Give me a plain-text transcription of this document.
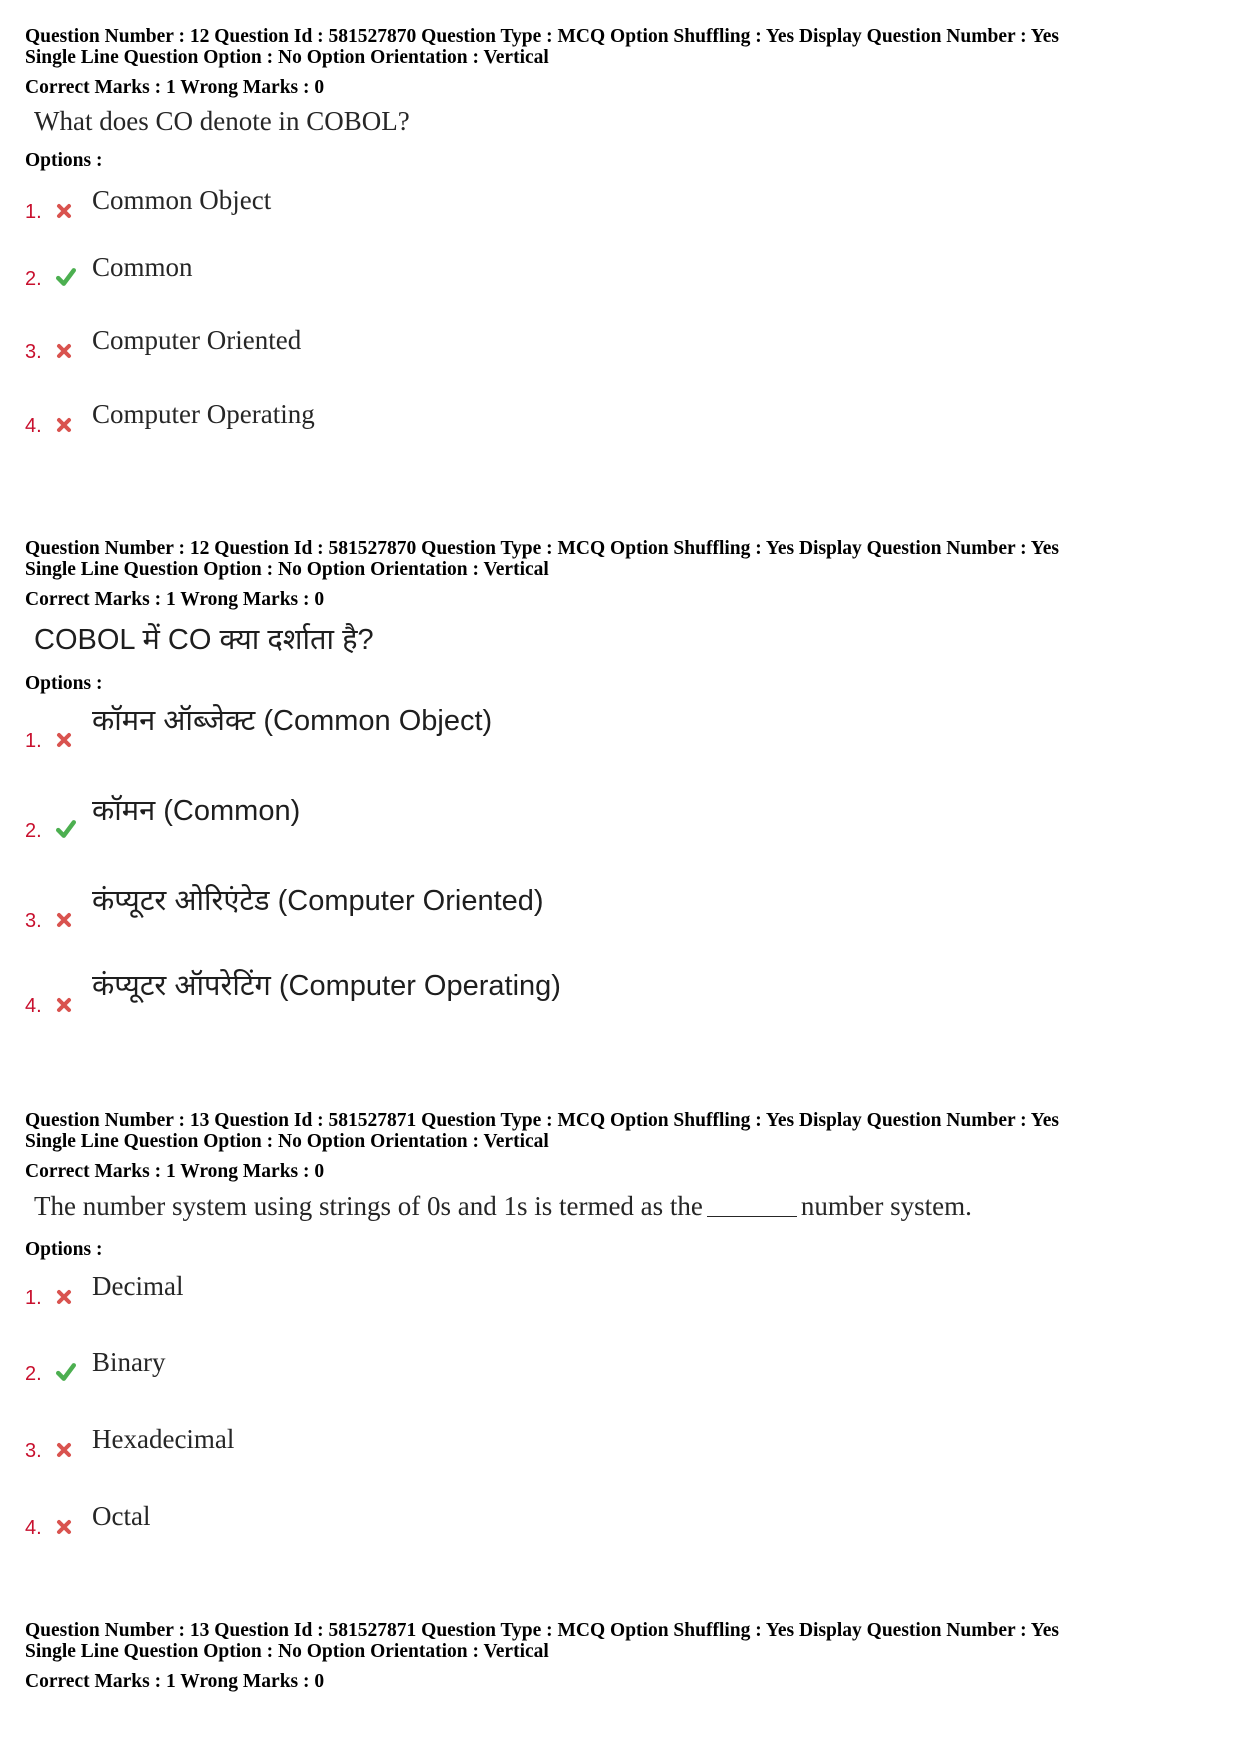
Question Number : 12 Question Id : 581527870 Question Type : MCQ Option Shuffling : Yes Display Question Number : Yes
Single Line Question Option : No Option Orientation : Vertical
Correct Marks : 1 Wrong Marks : 0
What does CO denote in COBOL?
Options :
1. Common Object
2. Common
3. Computer Oriented
4. Computer Operating
Question Number : 12 Question Id : 581527870 Question Type : MCQ Option Shuffling : Yes Display Question Number : Yes
Single Line Question Option : No Option Orientation : Vertical
Correct Marks : 1 Wrong Marks : 0
COBOL में CO क्या दर्शाता है?
Options :
1.
कॉमन ऑब्जेक्ट (Common Object)
2.
कॉमन (Common)
3.
कंप्यूटर ओरिएंटेड (Computer Oriented)
4.
कंप्यूटर ऑपरेटिंग (Computer Operating)
Question Number : 13 Question Id : 581527871 Question Type : MCQ Option Shuffling : Yes Display Question Number : Yes
Single Line Question Option : No Option Orientation : Vertical
Correct Marks : 1 Wrong Marks : 0
The number system using strings of 0s and 1s is termed as the	number system.
Options :
1. Decimal
2. Binary
3. Hexadecimal
4. Octal
Question Number : 13 Question Id : 581527871 Question Type : MCQ Option Shuffling : Yes Display Question Number : Yes
Single Line Question Option : No Option Orientation : Vertical
Correct Marks : 1 Wrong Marks : 0
